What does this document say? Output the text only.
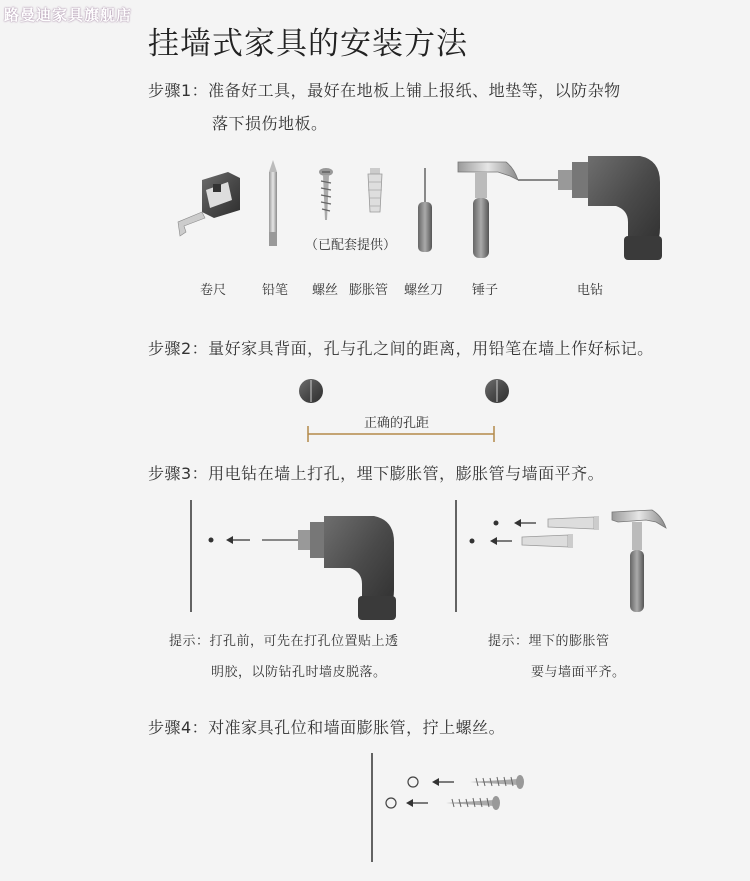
路曼迪家具旗舰店
挂墙式家具的安装方法
步骤1：准备好工具，最好在地板上铺上报纸、地垫等，以防杂物
落下损伤地板。
（已配套提供）
卷尺	铅笔 螺丝 膨胀管 螺丝刀 锤子	电钻
步骤2：量好家具背面，孔与孔之间的距离，用铅笔在墙上作好标记。
正确的孔距
步骤3：用电钻在墙上打孔，埋下膨胀管，膨胀管与墙面平齐。
提示：打孔前，可先在打孔位置贴上透
明胶，以防钻孔时墙皮脱落。
提示：埋下的膨胀管
要与墙面平齐。
步骤4：对准家具孔位和墙面膨胀管，拧上螺丝。
